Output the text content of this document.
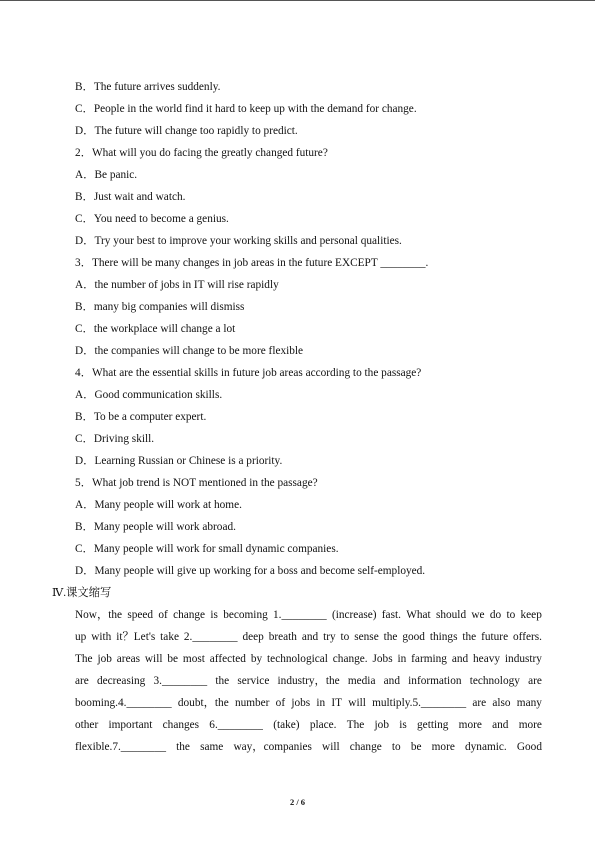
B．The future arrives suddenly.
C．People in the world find it hard to keep up with the demand for change.
D．The future will change too rapidly to predict.
2．What will you do facing the greatly changed future?
A．Be panic.
B．Just wait and watch.
C．You need to become a genius.
D．Try your best to improve your working skills and personal qualities.
3．There will be many changes in job areas in the future EXCEPT ________.
A．the number of jobs in IT will rise rapidly
B．many big companies will dismiss
C．the workplace will change a lot
D．the companies will change to be more flexible
4．What are the essential skills in future job areas according to the passage?
A．Good communication skills.
B．To be a computer expert.
C．Driving skill.
D．Learning Russian or Chinese is a priority.
5．What job trend is NOT mentioned in the passage?
A．Many people will work at home.
B．Many people will work abroad.
C．Many people will work for small dynamic companies.
D．Many people will give up working for a boss and become self-employed.
Ⅳ.课文缩写
Now，the speed of change is becoming 1.________ (increase) fast. What should we do to keep
up with it？Let's take 2.________ deep breath and try to sense the good things the future offers.
The job areas will be most affected by technological change. Jobs in farming and heavy industry
are decreasing 3.________ the service industry，the media and information technology are
booming.4.________ doubt，the number of jobs in IT will multiply.5.________ are also many
other important changes 6.________ (take) place. The job is getting more and more
flexible.7.________ the same way，companies will change to be more dynamic. Good
2 / 6
